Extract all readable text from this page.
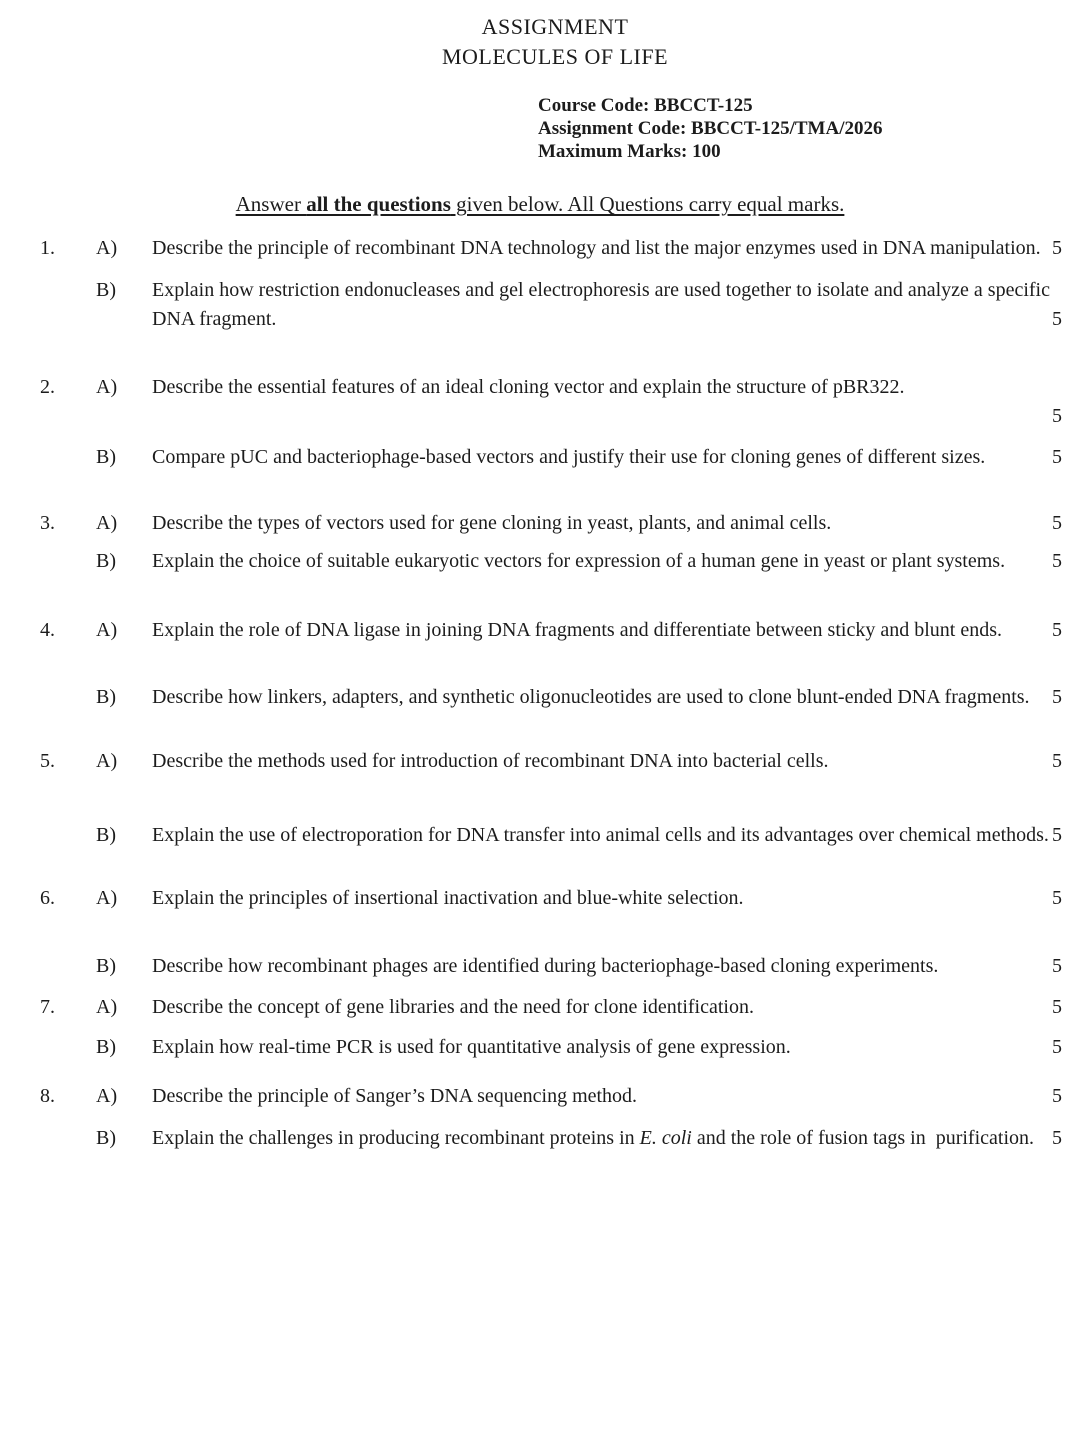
ASSIGNMENT
MOLECULES OF LIFE
Course Code: BBCCT-125
Assignment Code: BBCCT-125/TMA/2026
Maximum Marks: 100
Answer all the questions given below. All Questions carry equal marks.
1.	A)	Describe the principle of recombinant DNA technology and list the major enzymes used in DNA manipulation. 5
B)	Explain how restriction endonucleases and gel electrophoresis are used together to isolate and analyze a specific DNA fragment.	5
2.	A)	Describe the essential features of an ideal cloning vector and explain the structure of pBR322.
5
B)	Compare pUC and bacteriophage-based vectors and justify their use for cloning genes of different sizes.	5
3.	A)	Describe the types of vectors used for gene cloning in yeast, plants, and animal cells.	5
B)	Explain the choice of suitable eukaryotic vectors for expression of a human gene in yeast or plant systems.	5
4.	A)	Explain the role of DNA ligase in joining DNA fragments and differentiate between sticky and blunt ends.	5
B)	Describe how linkers, adapters, and synthetic oligonucleotides are used to clone blunt-ended DNA fragments.	5
5.	A)	Describe the methods used for introduction of recombinant DNA into bacterial cells.	5
B)	Explain the use of electroporation for DNA transfer into animal cells and its advantages over chemical methods. 5
6.	A)	Explain the principles of insertional inactivation and blue-white selection.	5
B)	Describe how recombinant phages are identified during bacteriophage-based cloning experiments.	5
7.	A)	Describe the concept of gene libraries and the need for clone identification.	5
B)	Explain how real-time PCR is used for quantitative analysis of gene expression.	5
8.	A)	Describe the principle of Sanger’s DNA sequencing method.	5
B)	Explain the challenges in producing recombinant proteins in E. coli and the role of fusion tags in  purification. 5
